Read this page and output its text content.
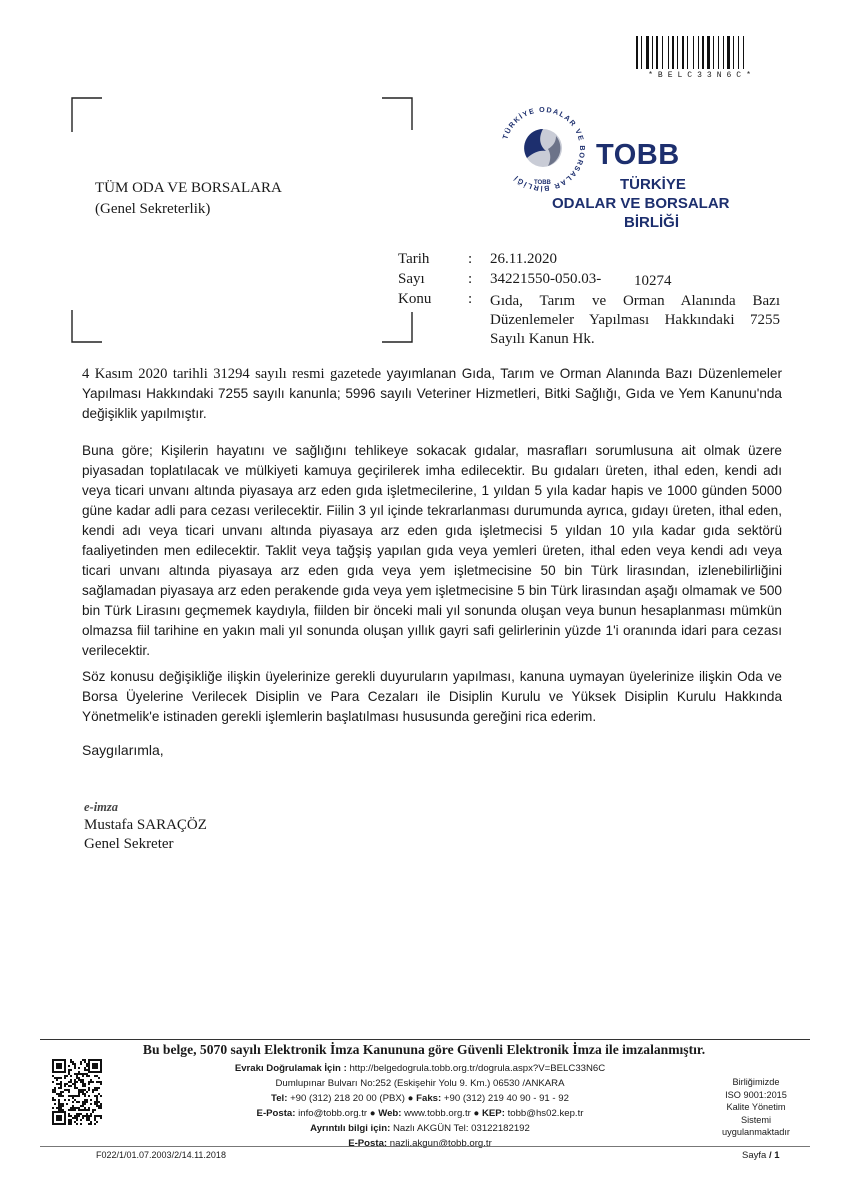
*BELC33N6C*
TÜRKİYE ODALAR VE BORSALAR BİRLİĞİ
TOBB
TOBB
TÜRKİYE
ODALAR VE BORSALAR
BİRLİĞİ
TÜM ODA VE BORSALARA
(Genel Sekreterlik)
Tarih	: 26.11.2020
Sayı	: 34221550-050.03- 10274
Konu : Gıda, Tarım ve Orman Alanında Bazı Düzenlemeler Yapılması Hakkındaki 7255 Sayılı Kanun Hk.
4 Kasım 2020 tarihli 31294 sayılı resmi gazetede yayımlanan Gıda, Tarım ve Orman Alanında Bazı Düzenlemeler Yapılması Hakkındaki 7255 sayılı kanunla; 5996 sayılı Veteriner Hizmetleri, Bitki Sağlığı, Gıda ve Yem Kanunu'nda değişiklik yapılmıştır.
Buna göre; Kişilerin hayatını ve sağlığını tehlikeye sokacak gıdalar, masrafları sorumlusuna ait olmak üzere piyasadan toplatılacak ve mülkiyeti kamuya geçirilerek imha edilecektir. Bu gıdaları üreten, ithal eden, kendi adı veya ticari unvanı altında piyasaya arz eden gıda işletmecilerine, 1 yıldan 5 yıla kadar hapis ve 1000 günden 5000 güne kadar adli para cezası verilecektir. Fiilin 3 yıl içinde tekrarlanması durumunda ayrıca, gıdayı üreten, ithal eden, kendi adı veya ticari unvanı altında piyasaya arz eden gıda işletmecisi 5 yıldan 10 yıla kadar gıda sektörü faaliyetinden men edilecektir. Taklit veya tağşiş yapılan gıda veya yemleri üreten, ithal eden veya kendi adı veya ticari unvanı altında piyasaya arz eden gıda veya yem işletmecisine 50 bin Türk lirasından, izlenebilirliğini sağlamadan piyasaya arz eden perakende gıda veya yem işletmecisine 5 bin Türk lirasından aşağı olmamak ve 500 bin Türk Lirasını geçmemek kaydıyla, fiilden bir önceki mali yıl sonunda oluşan veya bunun hesaplanması mümkün olmazsa fiil tarihine en yakın mali yıl sonunda oluşan yıllık gayri safi gelirlerinin yüzde 1'i oranında idari para cezası verilecektir.
Söz konusu değişikliğe ilişkin üyelerinize gerekli duyuruların yapılması, kanuna uymayan üyelerinize ilişkin Oda ve Borsa Üyelerine Verilecek Disiplin ve Para Cezaları ile Disiplin Kurulu ve Yüksek Disiplin Kurulu Hakkında Yönetmelik'e istinaden gerekli işlemlerin başlatılması hususunda gereğini rica ederim.
Saygılarımla,
e-imza
Mustafa SARAÇÖZ
Genel Sekreter
Bu belge, 5070 sayılı Elektronik İmza Kanununa göre Güvenli Elektronik İmza ile imzalanmıştır.
Evrakı Doğrulamak İçin : http://belgedogrula.tobb.org.tr/dogrula.aspx?V=BELC33N6C
Dumlupınar Bulvarı No:252 (Eskişehir Yolu 9. Km.) 06530 /ANKARA
Tel: +90 (312) 218 20 00 (PBX) ● Faks: +90 (312) 219 40 90 - 91 - 92
E-Posta: info@tobb.org.tr ● Web: www.tobb.org.tr ● KEP: tobb@hs02.kep.tr
Ayrıntılı bilgi için: Nazlı AKGÜN Tel: 03122182192
E-Posta: nazli.akgun@tobb.org.tr
Birliğimizde
ISO 9001:2015
Kalite Yönetim
Sistemi
uygulanmaktadır
F022/1/01.07.2003/2/14.11.2018	Sayfa / 1
